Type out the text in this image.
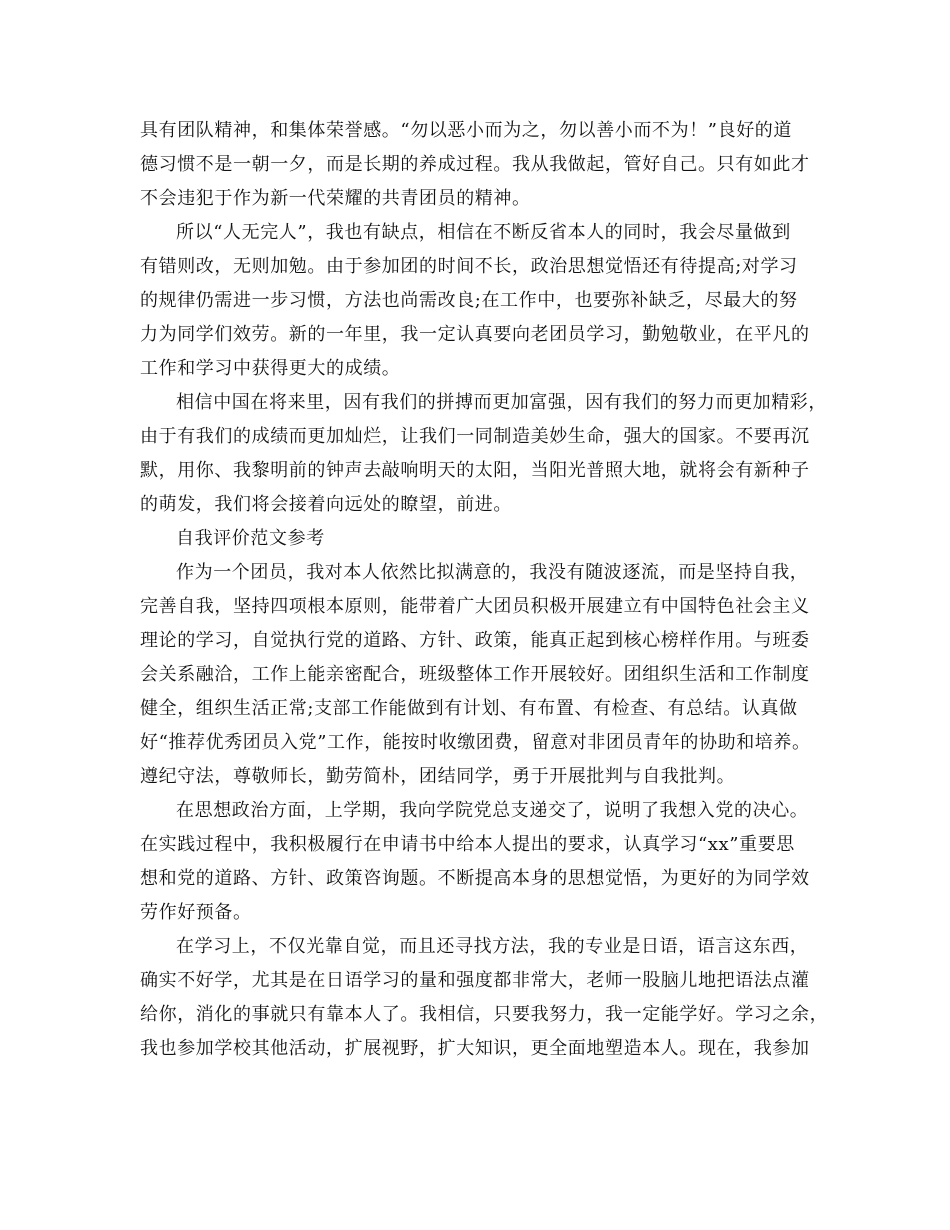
具有团队精神，和集体荣誉感。“勿以恶小而为之，勿以善小而不为！”良好的道
德习惯不是一朝一夕，而是长期的养成过程。我从我做起，管好自己。只有如此才
不会违犯于作为新一代荣耀的共青团员的精神。
所以“人无完人”，我也有缺点，相信在不断反省本人的同时，我会尽量做到
有错则改，无则加勉。由于参加团的时间不长，政治思想觉悟还有待提高;对学习
的规律仍需进一步习惯，方法也尚需改良;在工作中，也要弥补缺乏，尽最大的努
力为同学们效劳。新的一年里，我一定认真要向老团员学习，勤勉敬业，在平凡的
工作和学习中获得更大的成绩。
相信中国在将来里，因有我们的拼搏而更加富强，因有我们的努力而更加精彩，
由于有我们的成绩而更加灿烂，让我们一同制造美妙生命，强大的国家。不要再沉
默，用你、我黎明前的钟声去敲响明天的太阳，当阳光普照大地，就将会有新种子
的萌发，我们将会接着向远处的瞭望，前进。
自我评价范文参考
作为一个团员，我对本人依然比拟满意的，我没有随波逐流，而是坚持自我，
完善自我，坚持四项根本原则，能带着广大团员积极开展建立有中国特色社会主义
理论的学习，自觉执行党的道路、方针、政策，能真正起到核心榜样作用。与班委
会关系融洽，工作上能亲密配合，班级整体工作开展较好。团组织生活和工作制度
健全，组织生活正常;支部工作能做到有计划、有布置、有检查、有总结。认真做
好“推荐优秀团员入党”工作，能按时收缴团费，留意对非团员青年的协助和培养。
遵纪守法，尊敬师长，勤劳简朴，团结同学，勇于开展批判与自我批判。
在思想政治方面，上学期，我向学院党总支递交了，说明了我想入党的决心。
在实践过程中，我积极履行在申请书中给本人提出的要求，认真学习“xx”重要思
想和党的道路、方针、政策咨询题。不断提高本身的思想觉悟，为更好的为同学效
劳作好预备。
在学习上，不仅光靠自觉，而且还寻找方法，我的专业是日语，语言这东西，
确实不好学，尤其是在日语学习的量和强度都非常大，老师一股脑儿地把语法点灌
给你，消化的事就只有靠本人了。我相信，只要我努力，我一定能学好。学习之余，
我也参加学校其他活动，扩展视野，扩大知识，更全面地塑造本人。现在，我参加
